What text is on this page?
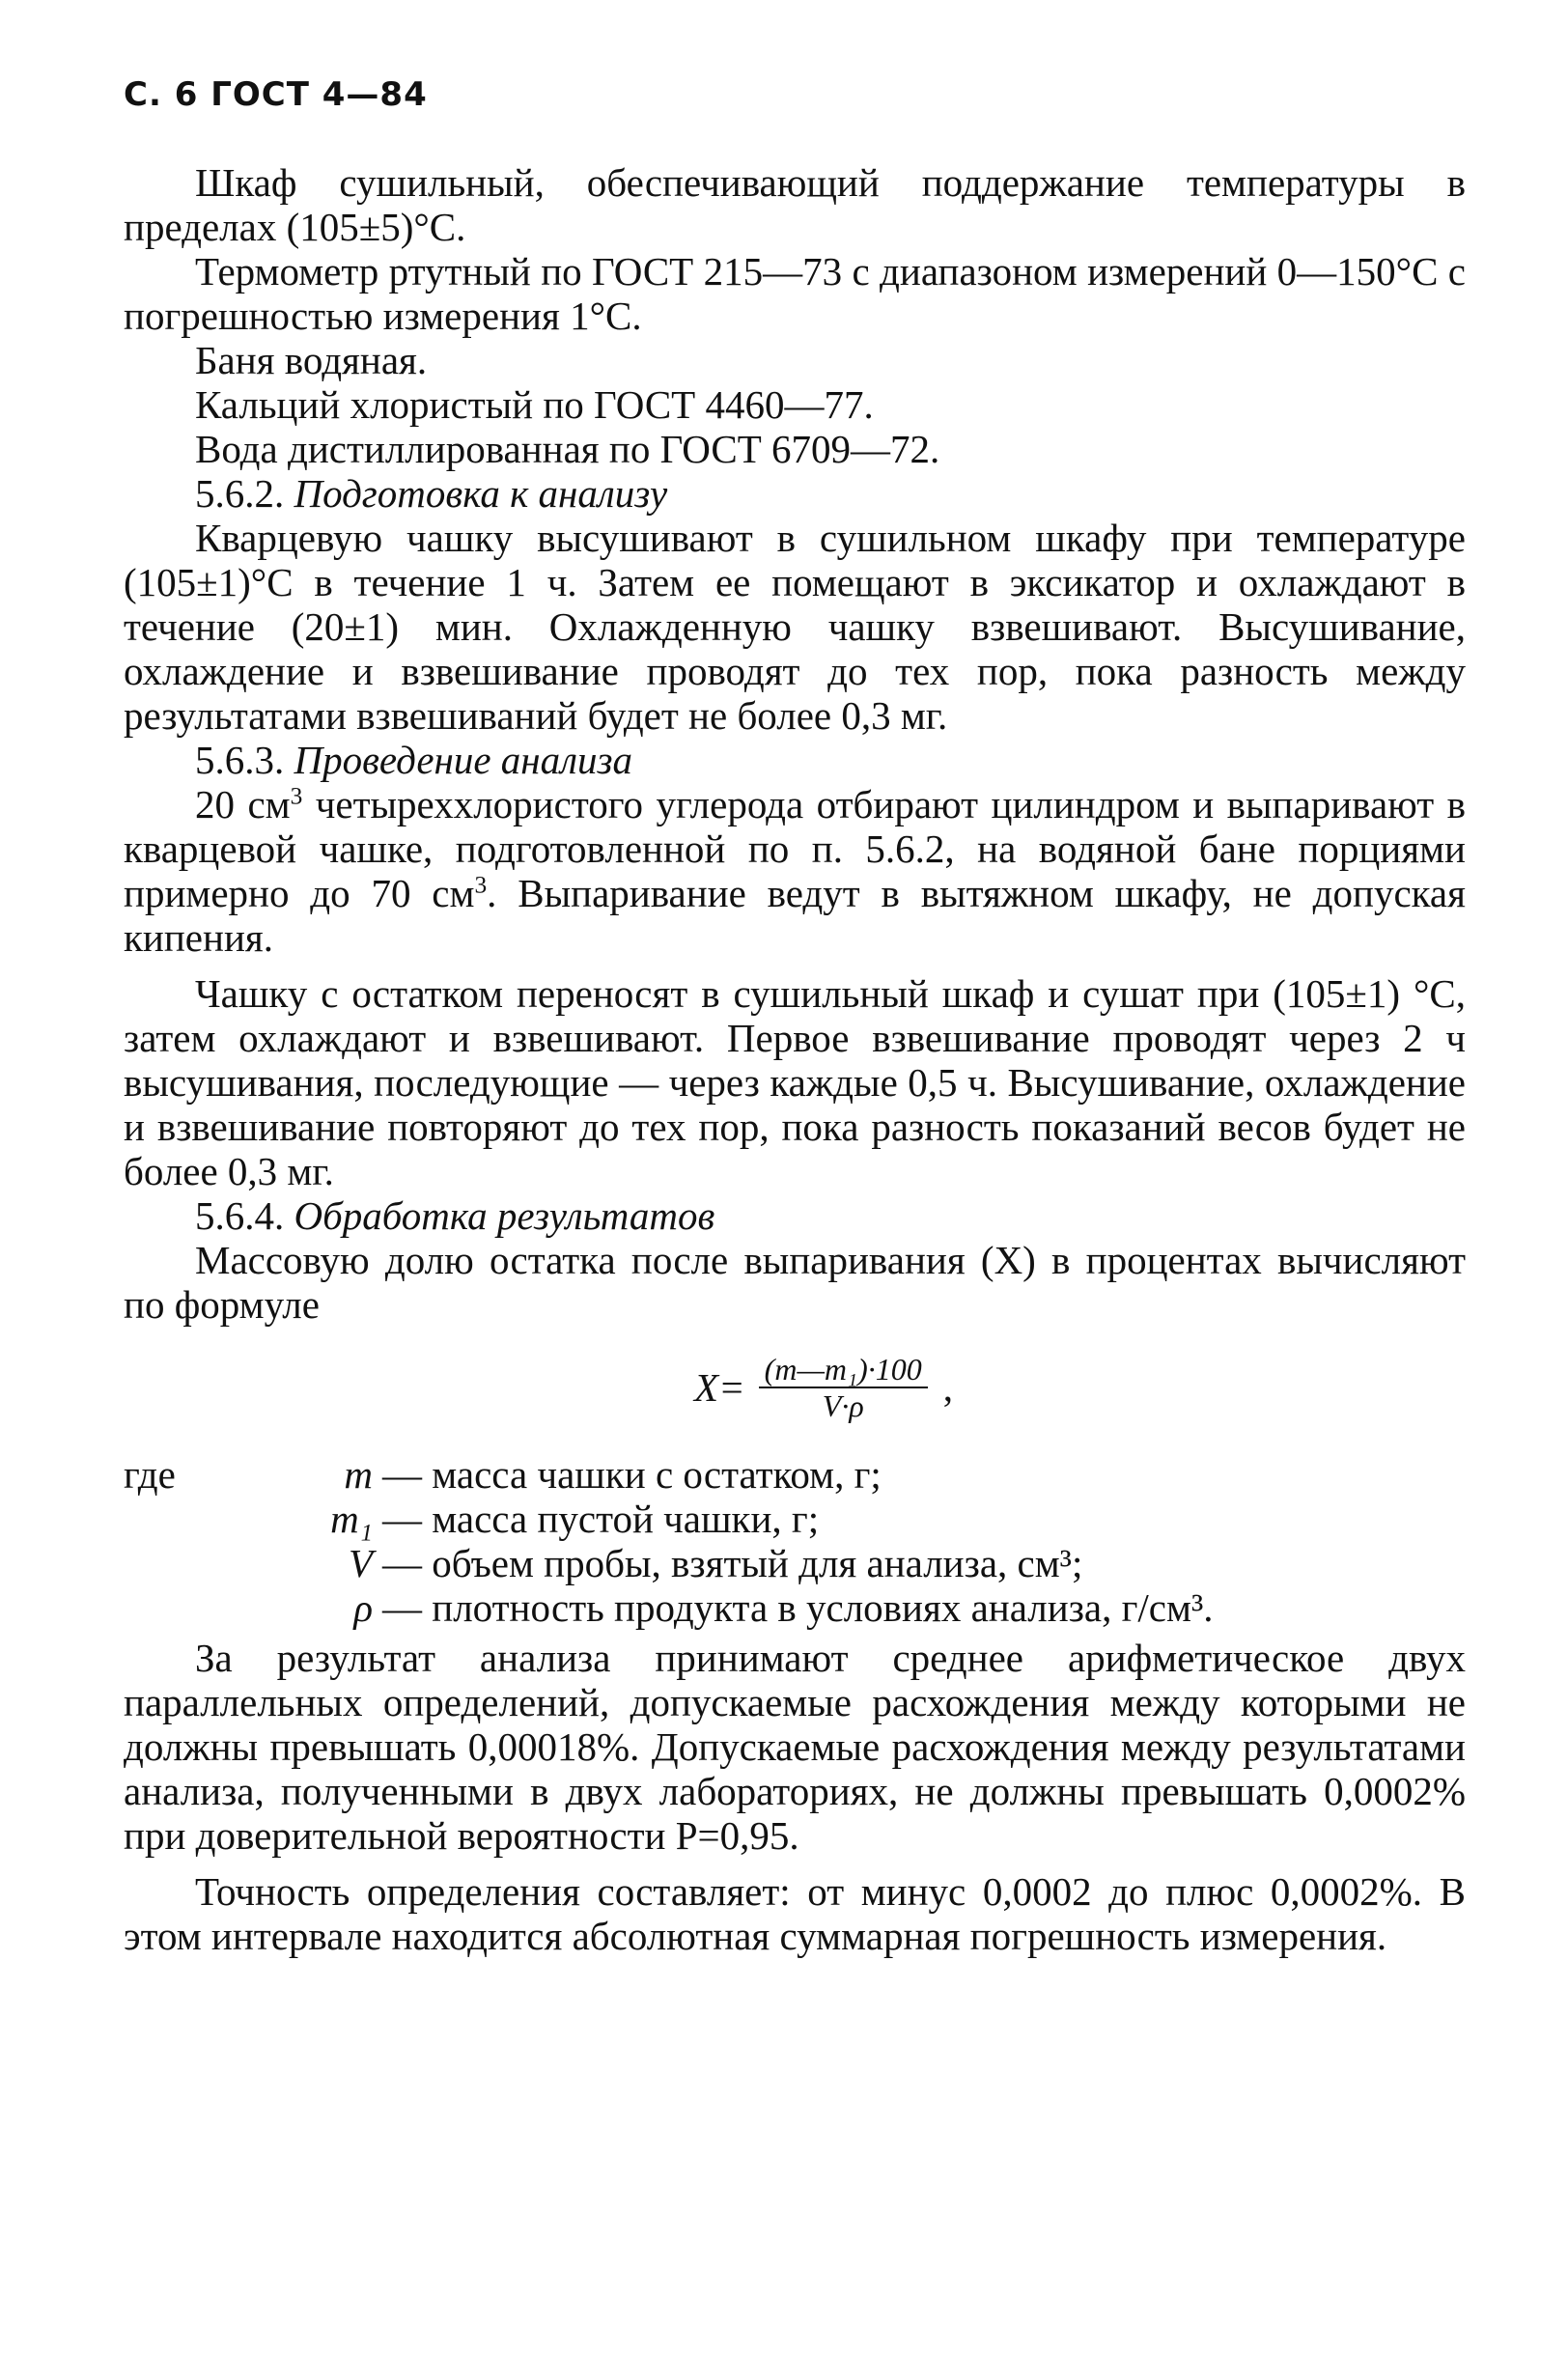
С. 6 ГОСТ 4—84

Шкаф сушильный, обеспечивающий поддержание температуры в пределах (105±5)°С.

Термометр ртутный по ГОСТ 215—73 с диапазоном измерений 0—150°С с погрешностью измерения 1°С.

Баня водяная.

Кальций хлористый по ГОСТ 4460—77.

Вода дистиллированная по ГОСТ 6709—72.

5.6.2. Подготовка к анализу

Кварцевую чашку высушивают в сушильном шкафу при температуре (105±1)°С в течение 1 ч. Затем ее помещают в эксикатор и охлаждают в течение (20±1) мин. Охлажденную чашку взвешивают. Высушивание, охлаждение и взвешивание проводят до тех пор, пока разность между результатами взвешиваний будет не более 0,3 мг.

5.6.3. Проведение анализа

20 $см^3$ четыреххлористого углерода отбирают цилиндром и выпаривают в кварцевой чашке, подготовленной по п. 5.6.2, на водяной бане порциями примерно до 70 $см^3$. Выпаривание ведут в вытяжном шкафу, не допуская кипения.

Чашку с остатком переносят в сушильный шкаф и сушат при (105±1) °С, затем охлаждают и взвешивают. Первое взвешивание проводят через 2 ч высушивания, последующие — через каждые 0,5 ч. Высушивание, охлаждение и взвешивание повторяют до тех пор, пока разность показаний весов будет не более 0,3 мг.

5.6.4. Обработка результатов

Массовую долю остатка после выпаривания (X) в процентах вычисляют по формуле

$X= \frac{\text{(m—m₁)·100}}{V\cdot\rho}$ ,
где	m — масса чашки с остатком, г;
m₁ — масса пустой чашки, г;
V — объем пробы, взятый для анализа, см³;
ρ — плотность продукта в условиях анализа, г/см³.

За результат анализа принимают среднее арифметическое двух параллельных определений, допускаемые расхождения между которыми не должны превышать 0,00018%. Допускаемые расхождения между результатами анализа, полученными в двух лабораториях, не должны превышать 0,0002% при доверительной вероятности P=0,95.

Точность определения составляет: от минус 0,0002 до плюс 0,0002%. В этом интервале находится абсолютная суммарная погрешность измерения.
